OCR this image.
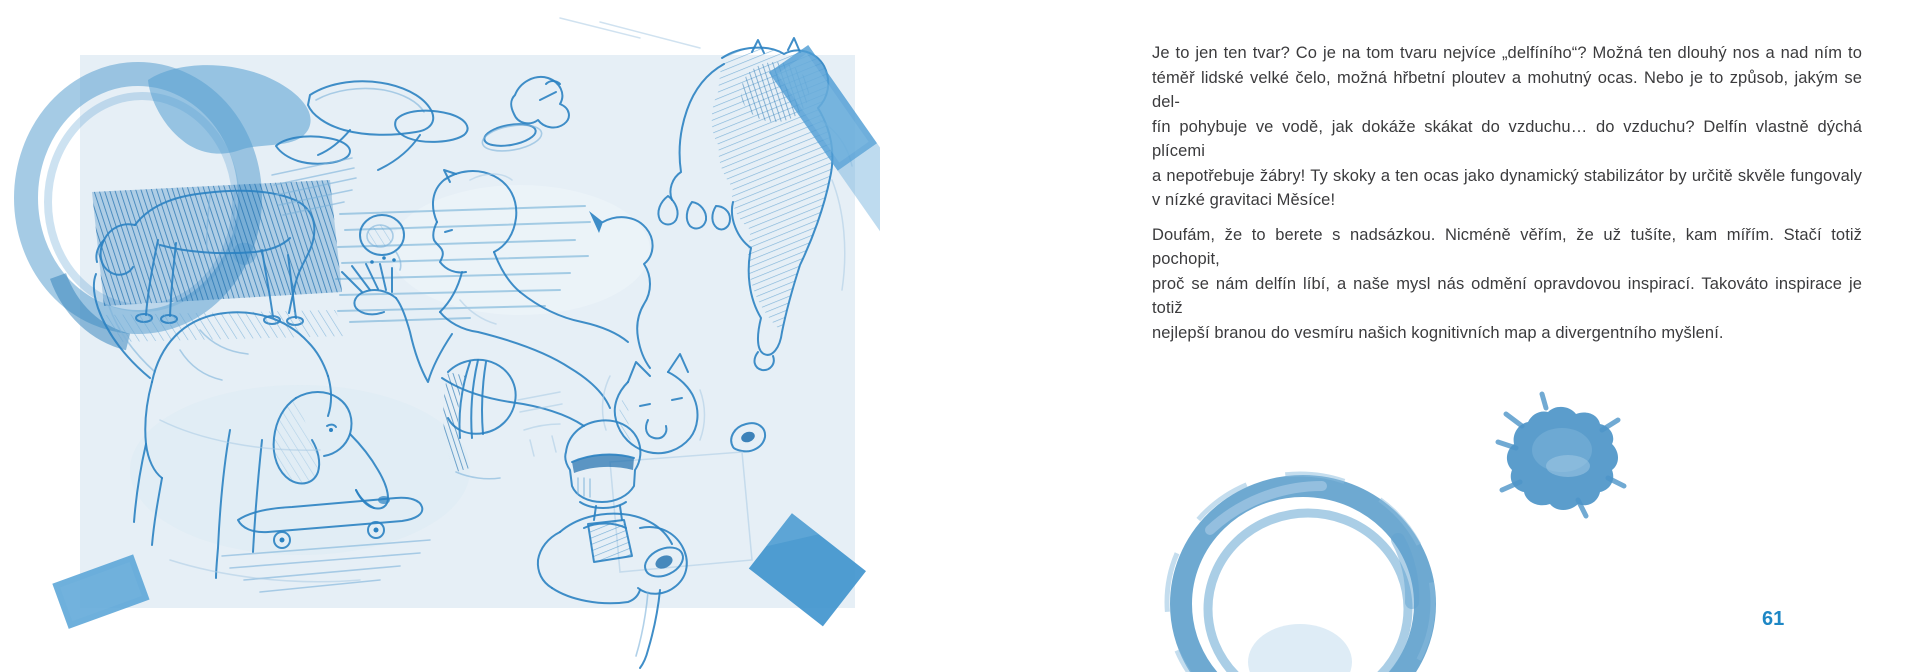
Je to jen ten tvar? Co je na tom tvaru nejvíce „delfíního“? Možná ten dlouhý nos a nad ním to
téměř lidské velké čelo, možná hřbetní ploutev a mohutný ocas. Nebo je to způsob, jakým se del-
fín pohybuje ve vodě, jak dokáže skákat do vzduchu… do vzduchu? Delfín vlastně dýchá plícemi
a nepotřebuje žábry! Ty skoky a ten ocas jako dynamický stabilizátor by určitě skvěle fungovaly
v nízké gravitaci Měsíce!
Doufám, že to berete s nadsázkou. Nicméně věřím, že už tušíte, kam mířím. Stačí totiž pochopit,
proč se nám delfín líbí, a naše mysl nás odmění opravdovou inspirací. Takováto inspirace je totiž
nejlepší branou do vesmíru našich kognitivních map a divergentního myšlení.
61
